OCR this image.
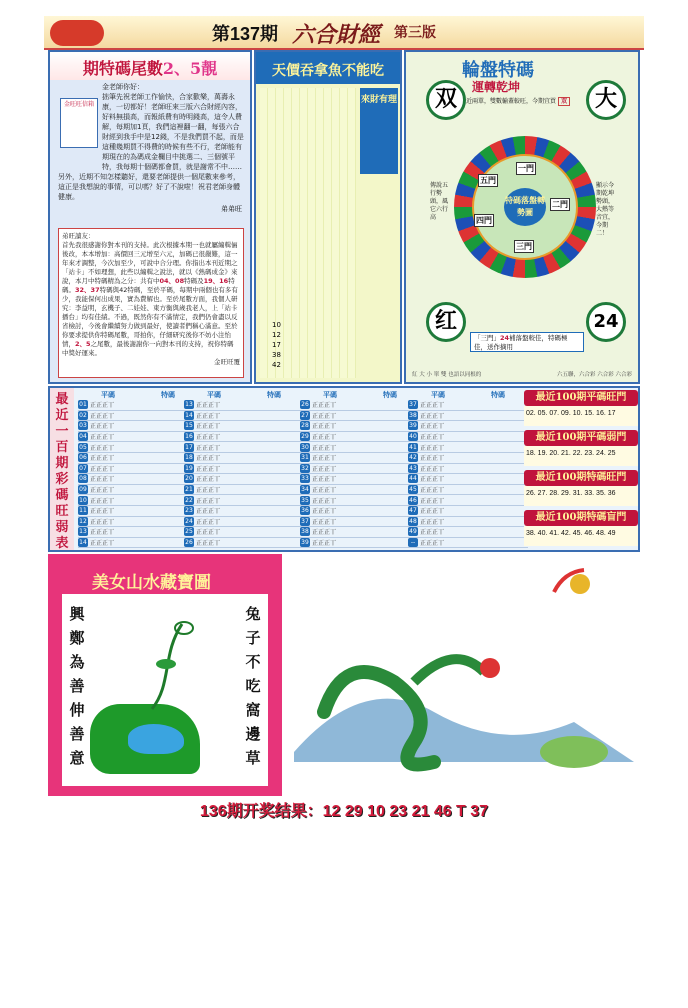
第137期 六合財經 第三版
期特碼尾數2、5靚
金旺旺信箱
金老師你好：
拙筆先祝老師工作愉快，合家歡樂，萬壽永康，一切都好！老師旺來三版六合財經內容，好料無損高，而報紙費有時明錢高，這令人費解，每期加1頁，我們這裡翻一翻，每張六合財經到我手中是12錢，不是我們買不起，而是這種幾期買不得費的時候有些不行，老師能有期現在的為碼成金欄目中挑選二、三個號平特，我每期十個碼都會買，就是謝常不中……
另外，近期不知怎樣聽好，還要老師提供一個尾數來參考，這正是我想說的事情，可以嗎？好了不說啦！祝君老師身體健康。
弟弟旺
弟旺讀友：
首先我很感謝你對本刊的支持。此次根據本期一也就屬編輯倆後改，本本增加：高價回三元增至六元，加碼已很嚴難，這一年來才調整，今次加至少，可說中合分理。你指出本刊近期之「站卡」不如理想，此些以編輯之說法，就以《熱碼成金》來說，本月中特碼精為之分：共有中04、08特碼及19、16特碼。32、37特碼與42特碼，至於平碼，每期中兩個也有多有少，我能保何出成果，實為費解也。至於尾數方面，我個人研究：李益明，玄機子、二娃娃、東方衡與歲我老人，上「站卡播台」均有佳績。不過，既然你有不滿情定，我們仍會盡以反省檢討，今後會繼續努力做到最好，使讀者們稱心滿意。至於你要求提供你特碼尾數，哥拍你，仔細研究後你不妨小注怡情，2、5之尾數，最後謝謝你一向對本刊的支持，祝你特碼中獎好運來。
金旺旺覆
天價吞拿魚不能吃
來財有理
10
12
17
38
42
輪盤特碼
運轉乾坤
双	大
红	24
近兩單，雙數輸蓋較旺，今期宜買 双
傳說五行勢頭，風它六行高
顯示今期乾坤勢頭，大熱等音宜，今期二！
一門
二門
三門
四門
五門
特碼落盤轉勢圖
「三門」24補落盤較佳，特碼極佳，送作摘用
紅 大 小 單 雙 也語以同根的	六五聯，六合彩 六合彩 六合彩
最近一百期彩碼旺弱表
平碼	特碼
01 正正正丅
02 正正正丅
03 正正正丅
04 正正正丅
05 正正正丅
06 正正正丅
07 正正正丅
08 正正正丅
09 正正正丅
10 正正正丅
11 正正正丅
12 正正正丅
13 正正正丅
14 正正正丅
平碼	特碼
13 正正正丅
14 正正正丅
15 正正正丅
16 正正正丅
17 正正正丅
18 正正正丅
19 正正正丅
20 正正正丅
21 正正正丅
22 正正正丅
23 正正正丅
24 正正正丅
25 正正正丅
26 正正正丅
平碼	特碼
26 正正正丅
27 正正正丅
28 正正正丅
29 正正正丅
30 正正正丅
31 正正正丅
32 正正正丅
33 正正正丅
34 正正正丅
35 正正正丅
36 正正正丅
37 正正正丅
38 正正正丅
39 正正正丅
平碼	特碼
37 正正正丅
38 正正正丅
39 正正正丅
40 正正正丅
41 正正正丅
42 正正正丅
43 正正正丅
44 正正正丅
45 正正正丅
46 正正正丅
47 正正正丅
48 正正正丅
49 正正正丅
-- 正正正丅
最近100期平碼旺門
02. 05. 07. 09. 10. 15. 16. 17
最近100期平碼弱門
18. 19. 20. 21. 22. 23. 24. 25
最近100期特碼旺門
26. 27. 28. 29. 31. 33. 35. 36
最近100期特碼盲門
38. 40. 41. 42. 45. 46. 48. 49
美女山水藏寶圖
興鄭為善伸善意
兔子不吃窩邊草
136期开奖结果：12 29 10 23 21 46 T 37
